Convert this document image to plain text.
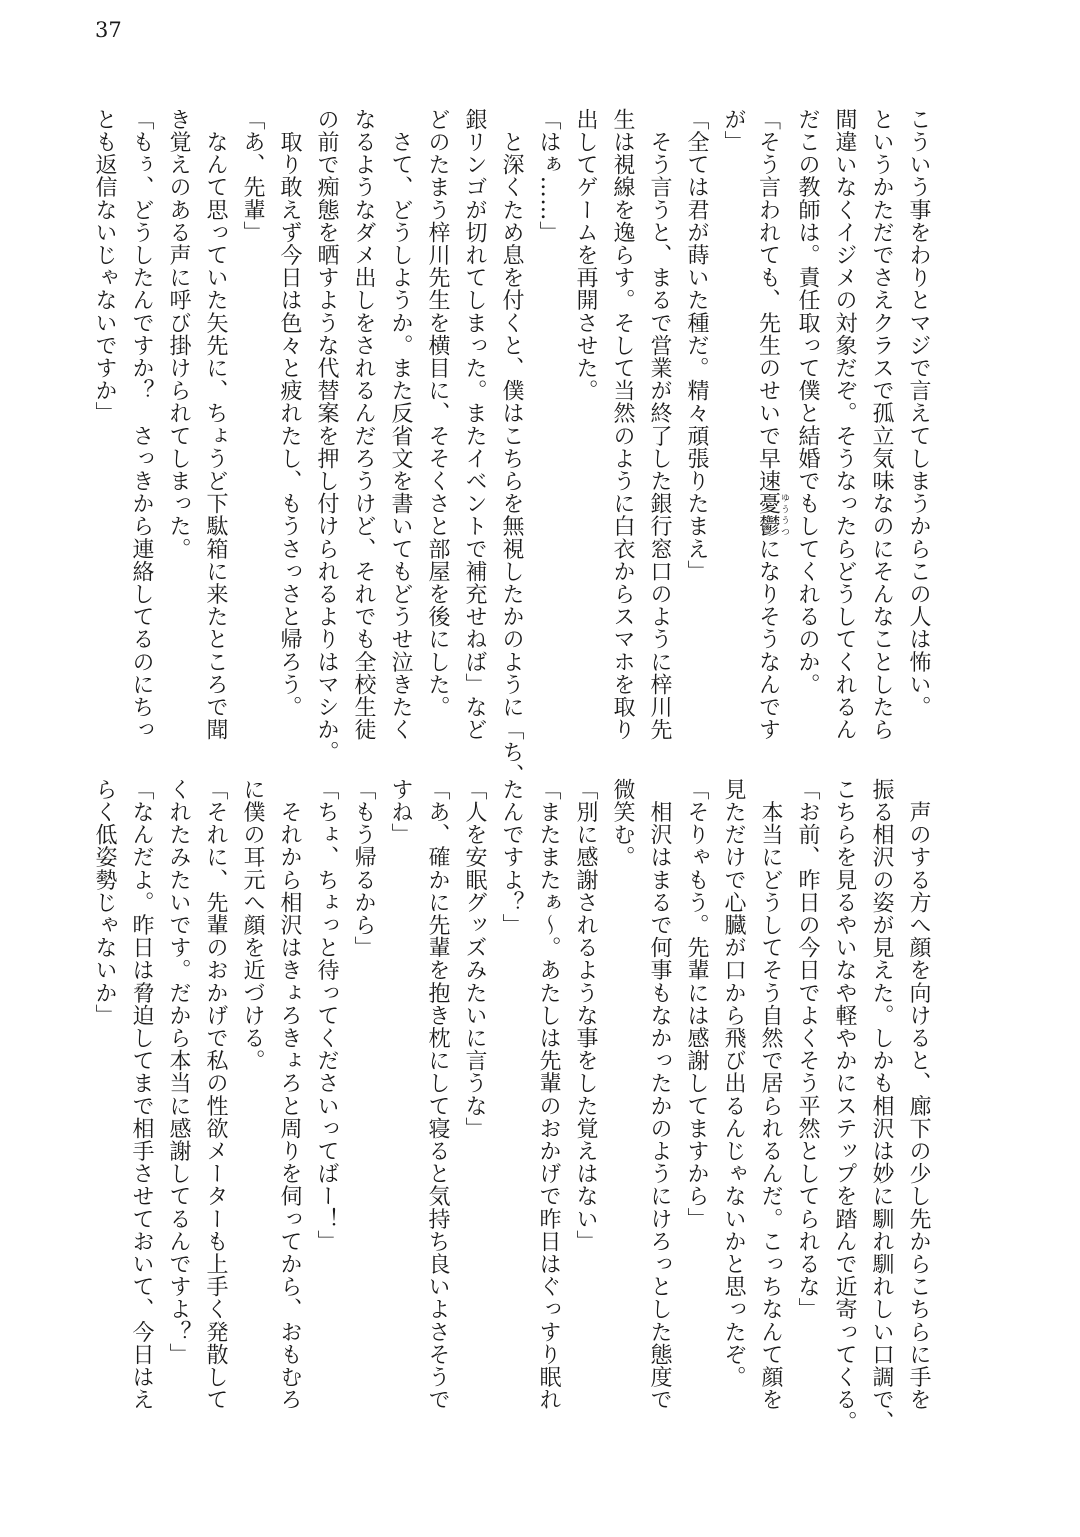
37
こういう事をわりとマジで言えてしまうからこの人は怖い。
というかただでさえクラスで孤立気味なのにそんなことしたら
間違いなくイジメの対象だぞ。そうなったらどうしてくれるん
だこの教師は。責任取って僕と結婚でもしてくれるのか。
「そう言われても、先生のせいで早速憂鬱ゆううつになりそうなんです
が」
「全ては君が蒔いた種だ。精々頑張りたまえ」
　そう言うと、まるで営業が終了した銀行窓口のように梓川先
生は視線を逸らす。そして当然のように白衣からスマホを取り
出してゲームを再開させた。
「はぁ……」
　と深くため息を付くと、僕はこちらを無視したかのように「ち、
銀リンゴが切れてしまった。またイベントで補充せねば」など
どのたまう梓川先生を横目に、そそくさと部屋を後にした。
　さて、どうしようか。また反省文を書いてもどうせ泣きたく
なるようなダメ出しをされるんだろうけど、それでも全校生徒
の前で痴態を晒すような代替案を押し付けられるよりはマシか。
　取り敢えず今日は色々と疲れたし、もうさっさと帰ろう。
「あ、先輩」
　なんて思っていた矢先に、ちょうど下駄箱に来たところで聞
き覚えのある声に呼び掛けられてしまった。
「もぅ、どうしたんですか？　さっきから連絡してるのにちっ
とも返信ないじゃないですか」
　声のする方へ顔を向けると、廊下の少し先からこちらに手を
振る相沢の姿が見えた。しかも相沢は妙に馴れ馴れしい口調で、
こちらを見るやいなや軽やかにステップを踏んで近寄ってくる。
「お前、昨日の今日でよくそう平然としてられるな」
　本当にどうしてそう自然で居られるんだ。こっちなんて顔を
見ただけで心臓が口から飛び出るんじゃないかと思ったぞ。
「そりゃもう。先輩には感謝してますから」
　相沢はまるで何事もなかったかのようにけろっとした態度で
微笑む。
「別に感謝されるような事をした覚えはない」
「またまたぁ～。あたしは先輩のおかげで昨日はぐっすり眠れ
たんですよ？」
「人を安眠グッズみたいに言うな」
「あ、確かに先輩を抱き枕にして寝ると気持ち良いよさそうで
すね」
「もう帰るから」
「ちょ、ちょっと待ってくださいってばー！」
　それから相沢はきょろきょろと周りを伺ってから、おもむろ
に僕の耳元へ顔を近づける。
「それに、先輩のおかげで私の性欲メーターも上手く発散して
くれたみたいです。だから本当に感謝してるんですよ？」
「なんだよ。昨日は脅迫してまで相手させておいて、今日はえ
らく低姿勢じゃないか」
